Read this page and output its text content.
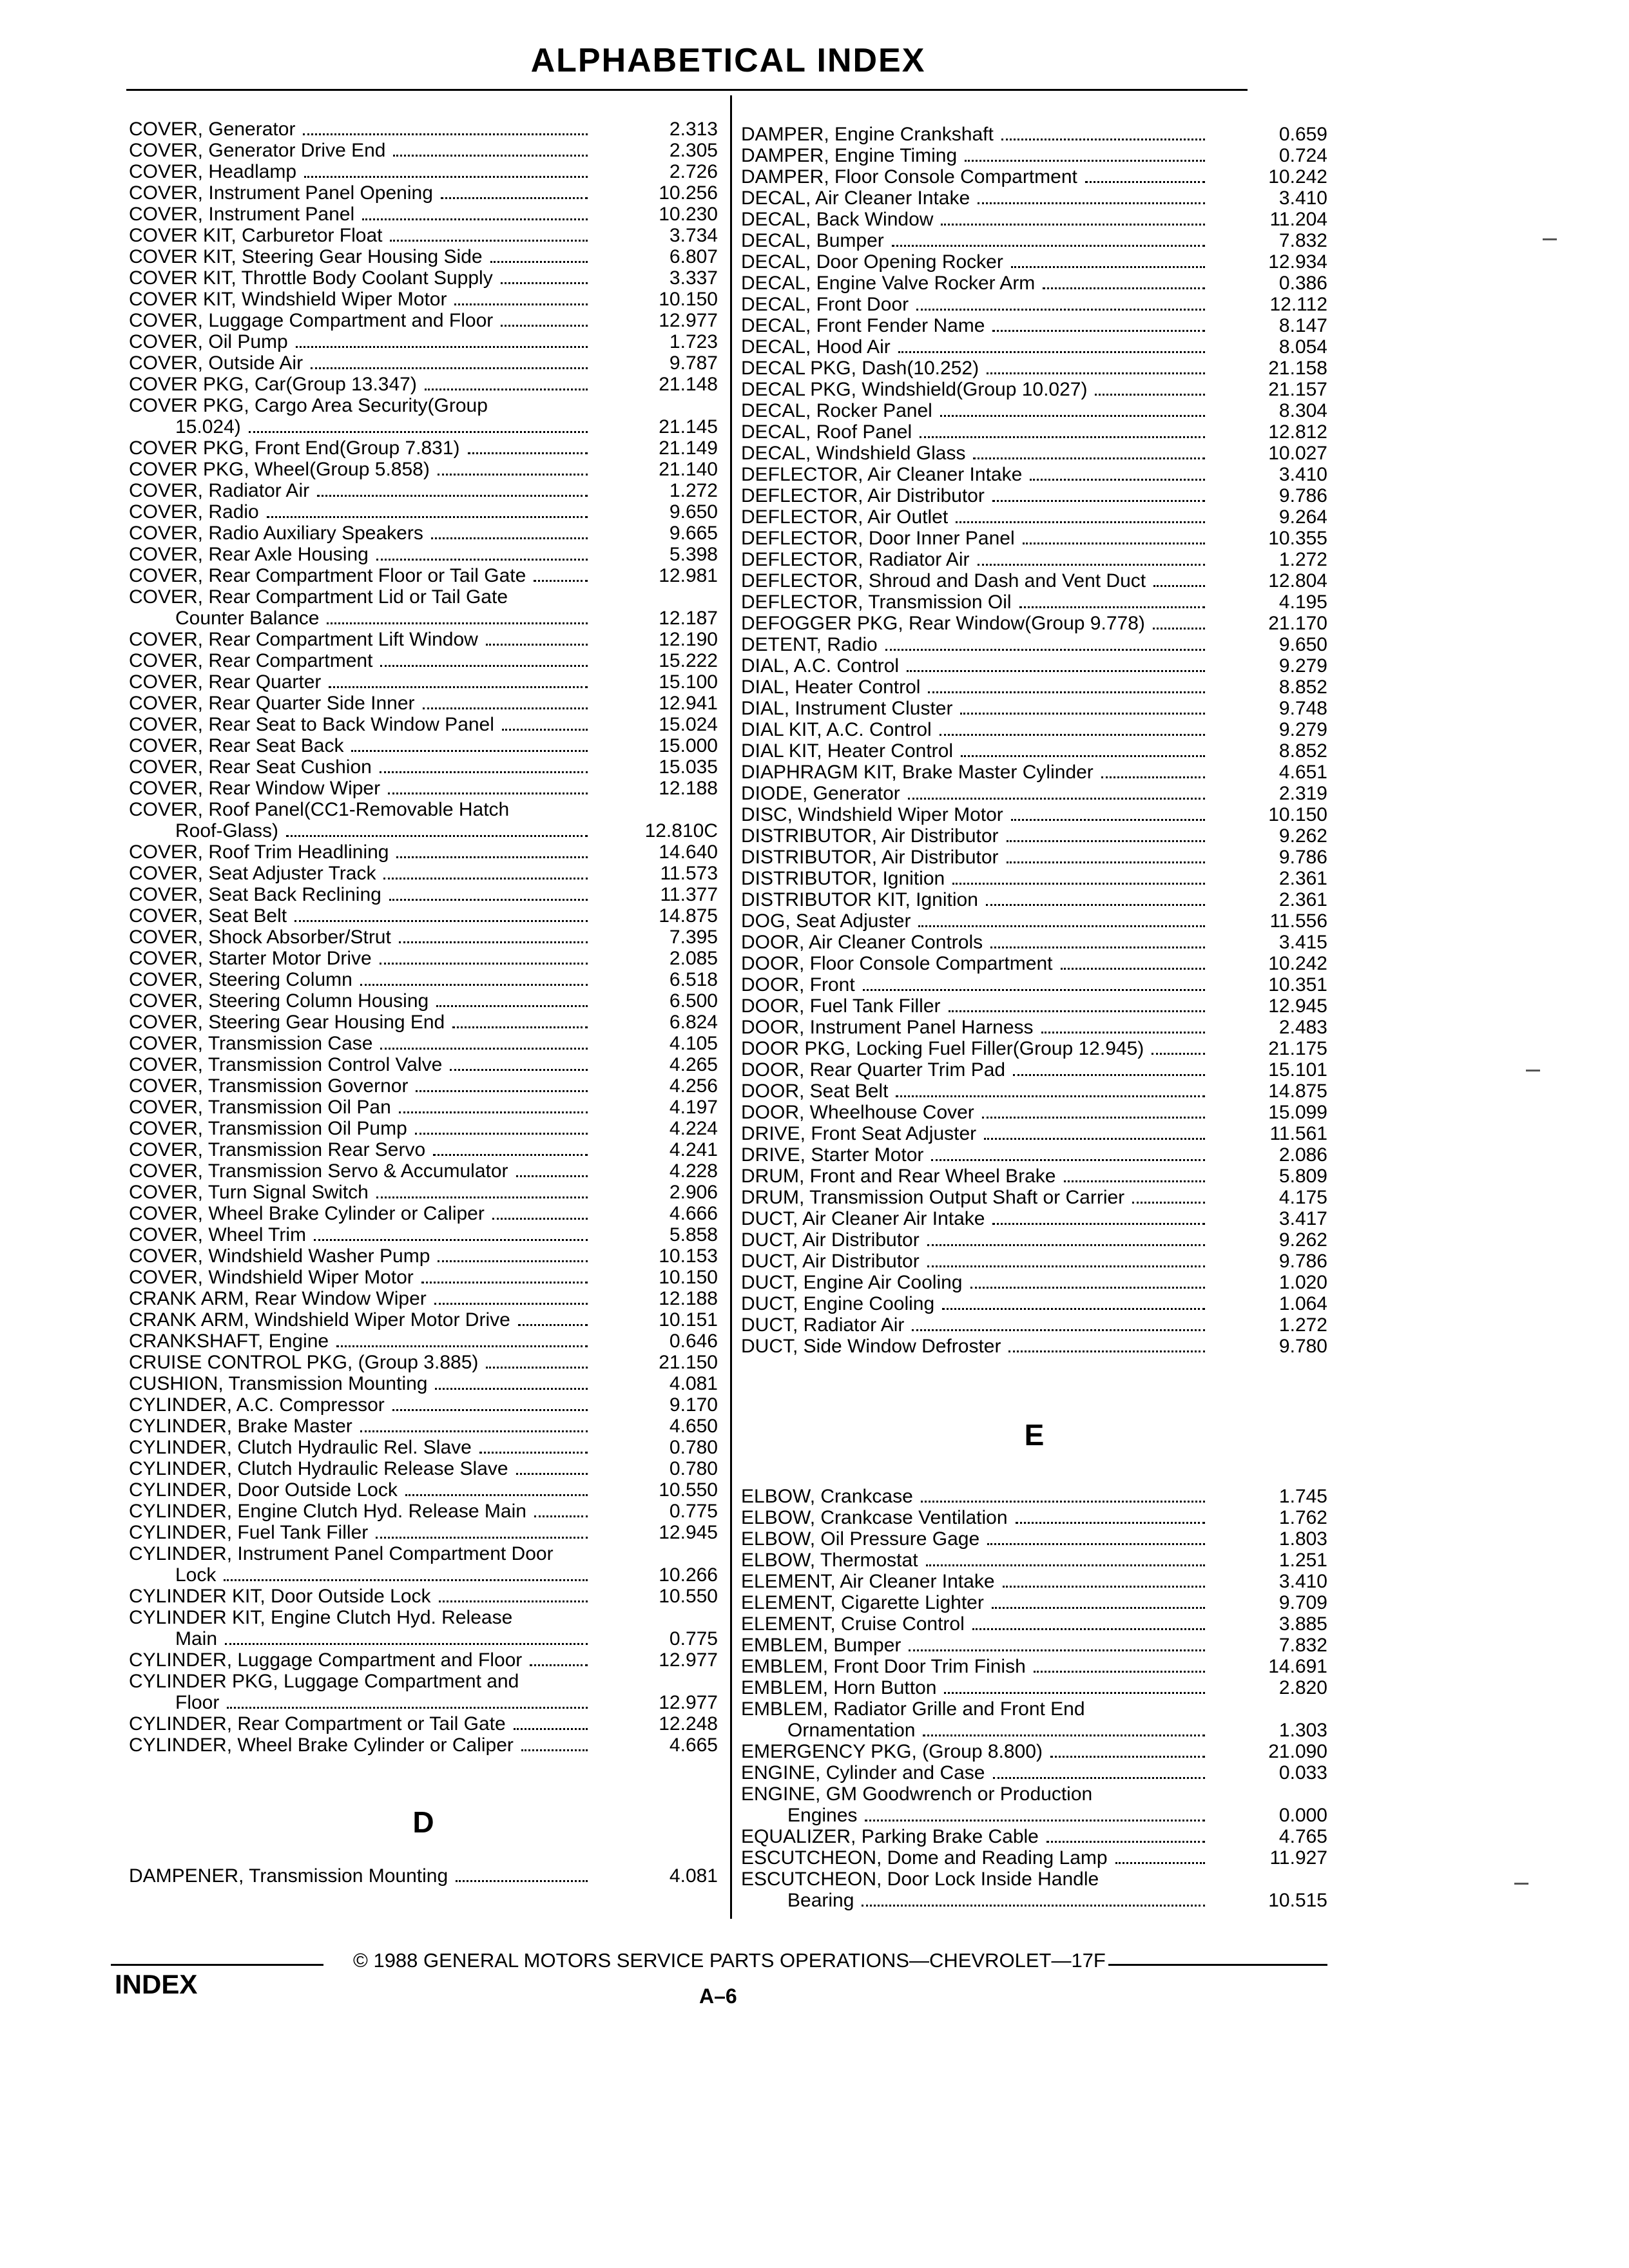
ALPHABETICAL INDEX
COVER, Generator	2.313
COVER, Generator Drive End	2.305
COVER, Headlamp	2.726
COVER, Instrument Panel Opening	10.256
COVER, Instrument Panel	10.230
COVER KIT, Carburetor Float	3.734
COVER KIT, Steering Gear Housing Side	6.807
COVER KIT, Throttle Body Coolant Supply	3.337
COVER KIT, Windshield Wiper Motor	10.150
COVER, Luggage Compartment and Floor	12.977
COVER, Oil Pump	1.723
COVER, Outside Air	9.787
COVER PKG, Car(Group 13.347)	21.148
COVER PKG, Cargo Area Security(Group
15.024)	21.145
COVER PKG, Front End(Group 7.831)	21.149
COVER PKG, Wheel(Group 5.858)	21.140
COVER, Radiator Air	1.272
COVER, Radio	9.650
COVER, Radio Auxiliary Speakers	9.665
COVER, Rear Axle Housing	5.398
COVER, Rear Compartment Floor or Tail Gate	12.981
COVER, Rear Compartment Lid or Tail Gate
Counter Balance	12.187
COVER, Rear Compartment Lift Window	12.190
COVER, Rear Compartment	15.222
COVER, Rear Quarter	15.100
COVER, Rear Quarter Side Inner	12.941
COVER, Rear Seat to Back Window Panel	15.024
COVER, Rear Seat Back	15.000
COVER, Rear Seat Cushion	15.035
COVER, Rear Window Wiper	12.188
COVER, Roof Panel(CC1-Removable Hatch
Roof-Glass)	12.810C
COVER, Roof Trim Headlining	14.640
COVER, Seat Adjuster Track	11.573
COVER, Seat Back Reclining	11.377
COVER, Seat Belt	14.875
COVER, Shock Absorber/Strut	7.395
COVER, Starter Motor Drive	2.085
COVER, Steering Column	6.518
COVER, Steering Column Housing	6.500
COVER, Steering Gear Housing End	6.824
COVER, Transmission Case	4.105
COVER, Transmission Control Valve	4.265
COVER, Transmission Governor	4.256
COVER, Transmission Oil Pan	4.197
COVER, Transmission Oil Pump	4.224
COVER, Transmission Rear Servo	4.241
COVER, Transmission Servo & Accumulator	4.228
COVER, Turn Signal Switch	2.906
COVER, Wheel Brake Cylinder or Caliper	4.666
COVER, Wheel Trim	5.858
COVER, Windshield Washer Pump	10.153
COVER, Windshield Wiper Motor	10.150
CRANK ARM, Rear Window Wiper	12.188
CRANK ARM, Windshield Wiper Motor Drive	10.151
CRANKSHAFT, Engine	0.646
CRUISE CONTROL PKG, (Group 3.885)	21.150
CUSHION, Transmission Mounting	4.081
CYLINDER, A.C. Compressor	9.170
CYLINDER, Brake Master	4.650
CYLINDER, Clutch Hydraulic Rel. Slave	0.780
CYLINDER, Clutch Hydraulic Release Slave	0.780
CYLINDER, Door Outside Lock	10.550
CYLINDER, Engine Clutch Hyd. Release Main	0.775
CYLINDER, Fuel Tank Filler	12.945
CYLINDER, Instrument Panel Compartment Door
Lock	10.266
CYLINDER KIT, Door Outside Lock	10.550
CYLINDER KIT, Engine Clutch Hyd. Release
Main	0.775
CYLINDER, Luggage Compartment and Floor	12.977
CYLINDER PKG, Luggage Compartment and
Floor	12.977
CYLINDER, Rear Compartment or Tail Gate	12.248
CYLINDER, Wheel Brake Cylinder or Caliper	4.665
D
DAMPENER, Transmission Mounting	4.081
DAMPER, Engine Crankshaft	0.659
DAMPER, Engine Timing	0.724
DAMPER, Floor Console Compartment	10.242
DECAL, Air Cleaner Intake	3.410
DECAL, Back Window	11.204
DECAL, Bumper	7.832
DECAL, Door Opening Rocker	12.934
DECAL, Engine Valve Rocker Arm	0.386
DECAL, Front Door	12.112
DECAL, Front Fender Name	8.147
DECAL, Hood Air	8.054
DECAL PKG, Dash(10.252)	21.158
DECAL PKG, Windshield(Group 10.027)	21.157
DECAL, Rocker Panel	8.304
DECAL, Roof Panel	12.812
DECAL, Windshield Glass	10.027
DEFLECTOR, Air Cleaner Intake	3.410
DEFLECTOR, Air Distributor	9.786
DEFLECTOR, Air Outlet	9.264
DEFLECTOR, Door Inner Panel	10.355
DEFLECTOR, Radiator Air	1.272
DEFLECTOR, Shroud and Dash and Vent Duct	12.804
DEFLECTOR, Transmission Oil	4.195
DEFOGGER PKG, Rear Window(Group 9.778)	21.170
DETENT, Radio	9.650
DIAL, A.C. Control	9.279
DIAL, Heater Control	8.852
DIAL, Instrument Cluster	9.748
DIAL KIT, A.C. Control	9.279
DIAL KIT, Heater Control	8.852
DIAPHRAGM KIT, Brake Master Cylinder	4.651
DIODE, Generator	2.319
DISC, Windshield Wiper Motor	10.150
DISTRIBUTOR, Air Distributor	9.262
DISTRIBUTOR, Air Distributor	9.786
DISTRIBUTOR, Ignition	2.361
DISTRIBUTOR KIT, Ignition	2.361
DOG, Seat Adjuster	11.556
DOOR, Air Cleaner Controls	3.415
DOOR, Floor Console Compartment	10.242
DOOR, Front	10.351
DOOR, Fuel Tank Filler	12.945
DOOR, Instrument Panel Harness	2.483
DOOR PKG, Locking Fuel Filler(Group 12.945)	21.175
DOOR, Rear Quarter Trim Pad	15.101
DOOR, Seat Belt	14.875
DOOR, Wheelhouse Cover	15.099
DRIVE, Front Seat Adjuster	11.561
DRIVE, Starter Motor	2.086
DRUM, Front and Rear Wheel Brake	5.809
DRUM, Transmission Output Shaft or Carrier	4.175
DUCT, Air Cleaner Air Intake	3.417
DUCT, Air Distributor	9.262
DUCT, Air Distributor	9.786
DUCT, Engine Air Cooling	1.020
DUCT, Engine Cooling	1.064
DUCT, Radiator Air	1.272
DUCT, Side Window Defroster	9.780
E
ELBOW, Crankcase	1.745
ELBOW, Crankcase Ventilation	1.762
ELBOW, Oil Pressure Gage	1.803
ELBOW, Thermostat	1.251
ELEMENT, Air Cleaner Intake	3.410
ELEMENT, Cigarette Lighter	9.709
ELEMENT, Cruise Control	3.885
EMBLEM, Bumper	7.832
EMBLEM, Front Door Trim Finish	14.691
EMBLEM, Horn Button	2.820
EMBLEM, Radiator Grille and Front End
Ornamentation	1.303
EMERGENCY PKG, (Group 8.800)	21.090
ENGINE, Cylinder and Case	0.033
ENGINE, GM Goodwrench or Production
Engines	0.000
EQUALIZER, Parking Brake Cable	4.765
ESCUTCHEON, Dome and Reading Lamp	11.927
ESCUTCHEON, Door Lock Inside Handle
Bearing	10.515
© 1988 GENERAL MOTORS SERVICE PARTS OPERATIONS—CHEVROLET—17F
INDEX	A–6
